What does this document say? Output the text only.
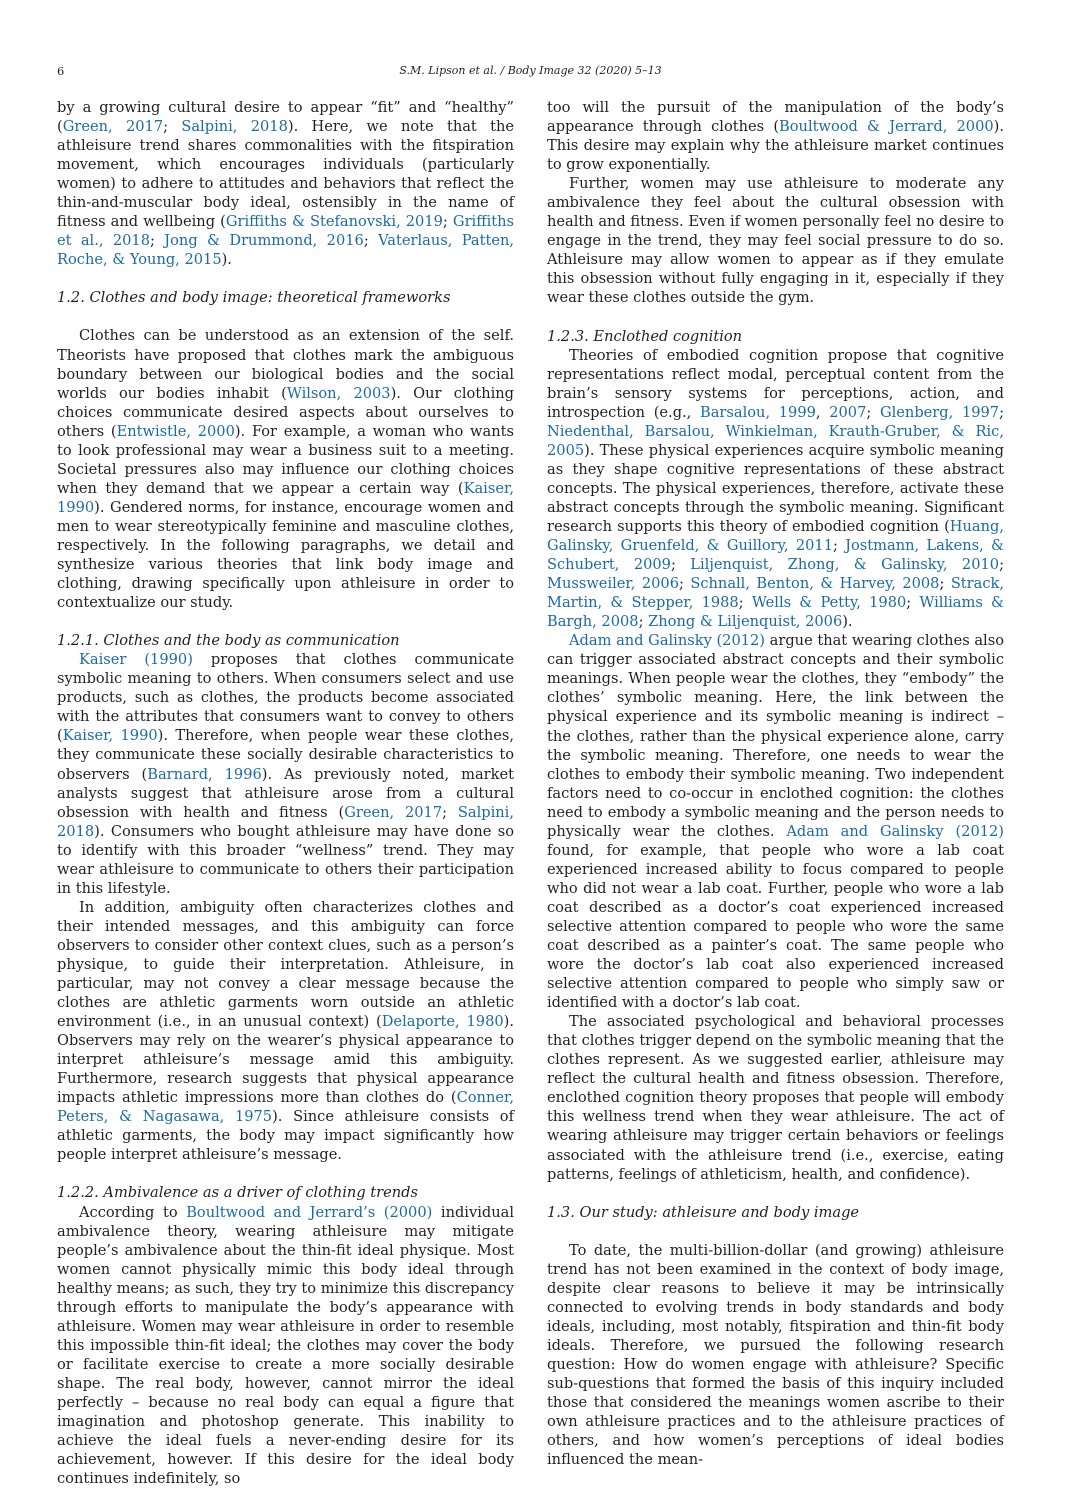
6	S.M. Lipson et al. / Body Image 32 (2020) 5–13

by a growing cultural desire to appear “fit” and “healthy” (Green, 2017; Salpini, 2018). Here, we note that the athleisure trend shares commonalities with the fitspiration movement, which encourages individuals (particularly women) to adhere to attitudes and behaviors that reflect the thin-and-muscular body ideal, ostensibly in the name of fitness and wellbeing (Griffiths & Stefanovski, 2019; Griffiths et al., 2018; Jong & Drummond, 2016; Vaterlaus, Patten, Roche, & Young, 2015).

1.2. Clothes and body image: theoretical frameworks

Clothes can be understood as an extension of the self. Theorists have proposed that clothes mark the ambiguous boundary between our biological bodies and the social worlds our bodies inhabit (Wilson, 2003). Our clothing choices communicate desired aspects about ourselves to others (Entwistle, 2000). For example, a woman who wants to look professional may wear a business suit to a meeting. Societal pressures also may influence our clothing choices when they demand that we appear a certain way (Kaiser, 1990). Gendered norms, for instance, encourage women and men to wear stereotypically feminine and masculine clothes, respectively. In the following paragraphs, we detail and synthesize various theories that link body image and clothing, drawing specifically upon athleisure in order to contextualize our study.

1.2.1. Clothes and the body as communication

Kaiser (1990) proposes that clothes communicate symbolic meaning to others. When consumers select and use products, such as clothes, the products become associated with the attributes that consumers want to convey to others (Kaiser, 1990). Therefore, when people wear these clothes, they communicate these socially desirable characteristics to observers (Barnard, 1996). As previously noted, market analysts suggest that athleisure arose from a cultural obsession with health and fitness (Green, 2017; Salpini, 2018). Consumers who bought athleisure may have done so to identify with this broader “wellness” trend. They may wear athleisure to communicate to others their participation in this lifestyle.

In addition, ambiguity often characterizes clothes and their intended messages, and this ambiguity can force observers to consider other context clues, such as a person’s physique, to guide their interpretation. Athleisure, in particular, may not convey a clear message because the clothes are athletic garments worn outside an athletic environment (i.e., in an unusual context) (Delaporte, 1980). Observers may rely on the wearer’s physical appearance to interpret athleisure’s message amid this ambiguity. Furthermore, research suggests that physical appearance impacts athletic impressions more than clothes do (Conner, Peters, & Nagasawa, 1975). Since athleisure consists of athletic garments, the body may impact significantly how people interpret athleisure’s message.

1.2.2. Ambivalence as a driver of clothing trends

According to Boultwood and Jerrard’s (2000) individual ambivalence theory, wearing athleisure may mitigate people’s ambivalence about the thin-fit ideal physique. Most women cannot physically mimic this body ideal through healthy means; as such, they try to minimize this discrepancy through efforts to manipulate the body’s appearance with athleisure. Women may wear athleisure in order to resemble this impossible thin-fit ideal; the clothes may cover the body or facilitate exercise to create a more socially desirable shape. The real body, however, cannot mirror the ideal perfectly – because no real body can equal a figure that imagination and photoshop generate. This inability to achieve the ideal fuels a never-ending desire for its achievement, however. If this desire for the ideal body continues indefinitely, so

too will the pursuit of the manipulation of the body’s appearance through clothes (Boultwood & Jerrard, 2000). This desire may explain why the athleisure market continues to grow exponentially.

Further, women may use athleisure to moderate any ambivalence they feel about the cultural obsession with health and fitness. Even if women personally feel no desire to engage in the trend, they may feel social pressure to do so. Athleisure may allow women to appear as if they emulate this obsession without fully engaging in it, especially if they wear these clothes outside the gym.

1.2.3. Enclothed cognition

Theories of embodied cognition propose that cognitive representations reflect modal, perceptual content from the brain’s sensory systems for perceptions, action, and introspection (e.g., Barsalou, 1999, 2007; Glenberg, 1997; Niedenthal, Barsalou, Winkielman, Krauth-Gruber, & Ric, 2005). These physical experiences acquire symbolic meaning as they shape cognitive representations of these abstract concepts. The physical experiences, therefore, activate these abstract concepts through the symbolic meaning. Significant research supports this theory of embodied cognition (Huang, Galinsky, Gruenfeld, & Guillory, 2011; Jostmann, Lakens, & Schubert, 2009; Liljenquist, Zhong, & Galinsky, 2010; Mussweiler, 2006; Schnall, Benton, & Harvey, 2008; Strack, Martin, & Stepper, 1988; Wells & Petty, 1980; Williams & Bargh, 2008; Zhong & Liljenquist, 2006).

Adam and Galinsky (2012) argue that wearing clothes also can trigger associated abstract concepts and their symbolic meanings. When people wear the clothes, they “embody” the clothes’ symbolic meaning. Here, the link between the physical experience and its symbolic meaning is indirect – the clothes, rather than the physical experience alone, carry the symbolic meaning. Therefore, one needs to wear the clothes to embody their symbolic meaning. Two independent factors need to co-occur in enclothed cognition: the clothes need to embody a symbolic meaning and the person needs to physically wear the clothes. Adam and Galinsky (2012) found, for example, that people who wore a lab coat experienced increased ability to focus compared to people who did not wear a lab coat. Further, people who wore a lab coat described as a doctor’s coat experienced increased selective attention compared to people who wore the same coat described as a painter’s coat. The same people who wore the doctor’s lab coat also experienced increased selective attention compared to people who simply saw or identified with a doctor’s lab coat.

The associated psychological and behavioral processes that clothes trigger depend on the symbolic meaning that the clothes represent. As we suggested earlier, athleisure may reflect the cultural health and fitness obsession. Therefore, enclothed cognition theory proposes that people will embody this wellness trend when they wear athleisure. The act of wearing athleisure may trigger certain behaviors or feelings associated with the athleisure trend (i.e., exercise, eating patterns, feelings of athleticism, health, and confidence).

1.3. Our study: athleisure and body image

To date, the multi-billion-dollar (and growing) athleisure trend has not been examined in the context of body image, despite clear reasons to believe it may be intrinsically connected to evolving trends in body standards and body ideals, including, most notably, fitspiration and thin-fit body ideals. Therefore, we pursued the following research question: How do women engage with athleisure? Specific sub-questions that formed the basis of this inquiry included those that considered the meanings women ascribe to their own athleisure practices and to the athleisure practices of others, and how women’s perceptions of ideal bodies influenced the mean-
